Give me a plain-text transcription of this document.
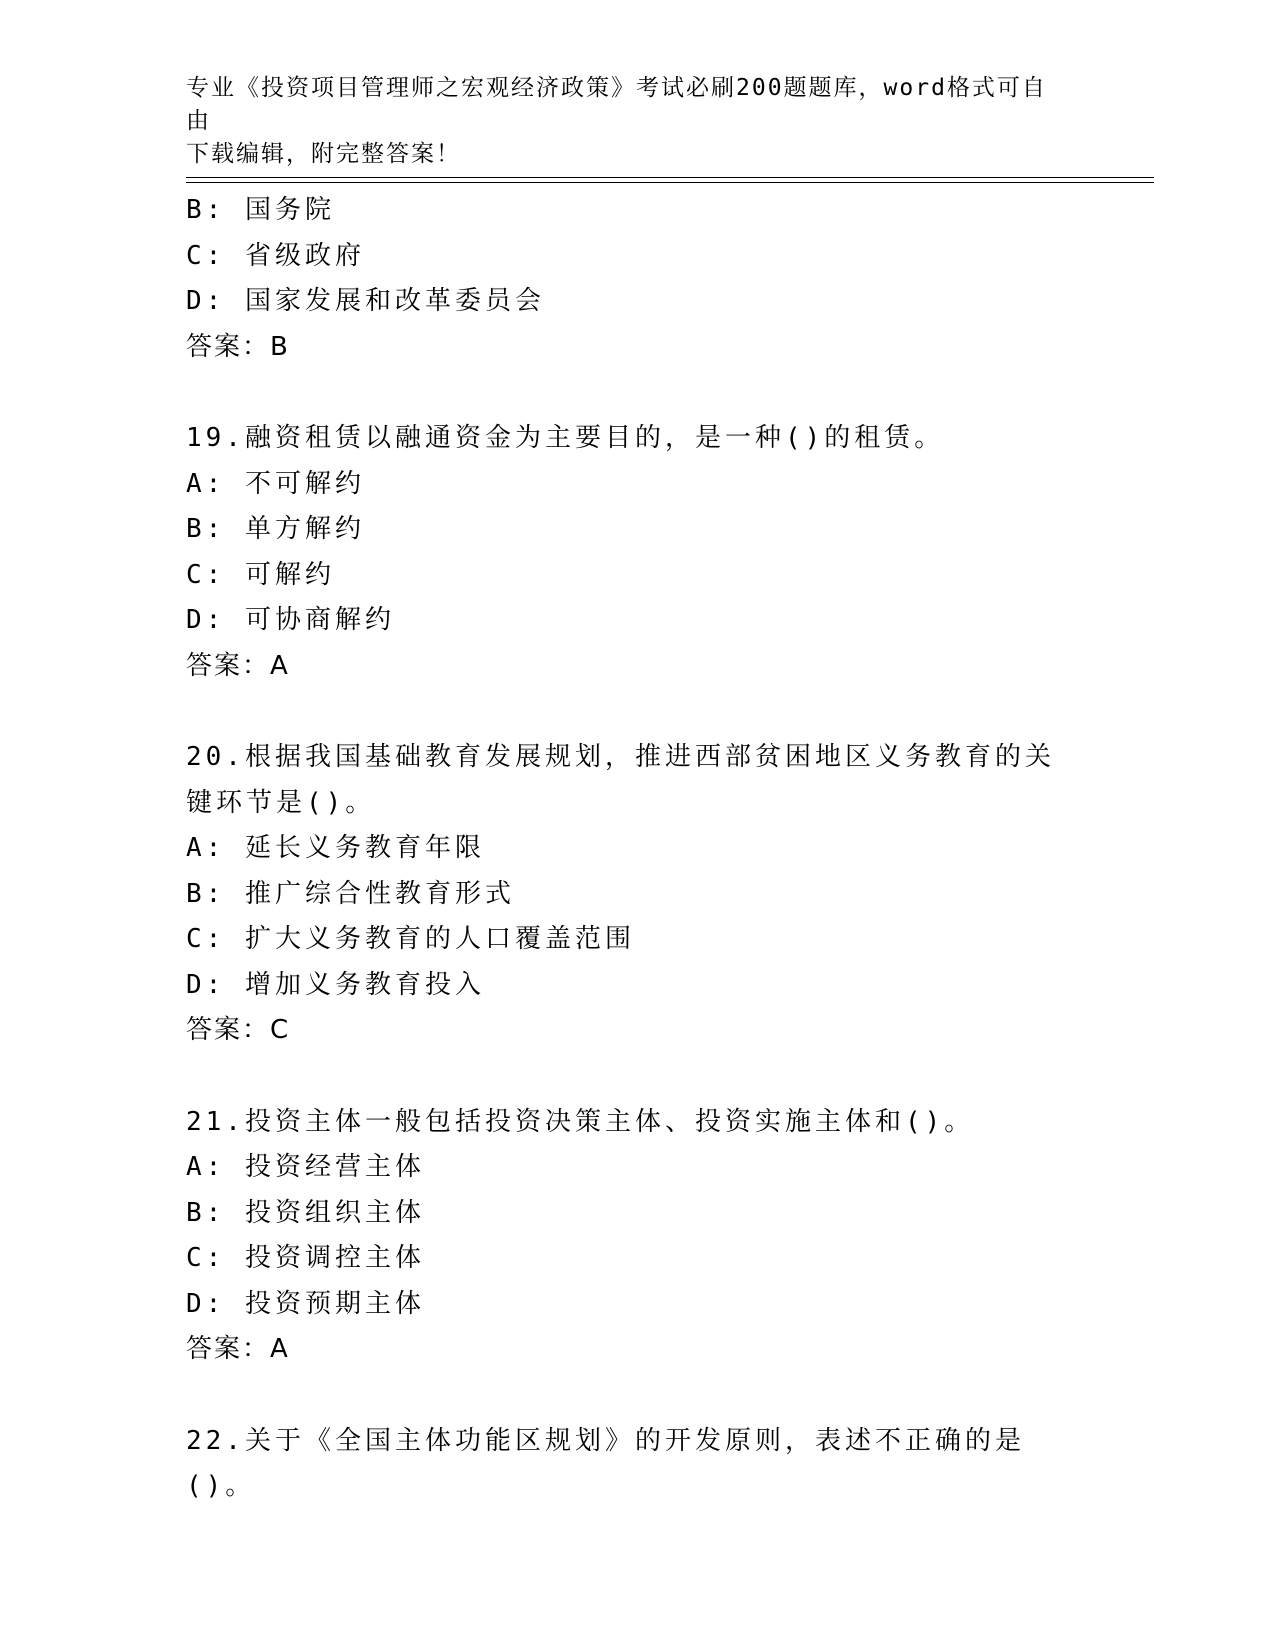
专业《投资项目管理师之宏观经济政策》考试必刷200题题库，word格式可自由
下载编辑，附完整答案！
B: 国务院
C: 省级政府
D: 国家发展和改革委员会
答案：B
19.融资租赁以融通资金为主要目的，是一种()的租赁。
A: 不可解约
B: 单方解约
C: 可解约
D: 可协商解约
答案：A
20.根据我国基础教育发展规划，推进西部贫困地区义务教育的关键环节是()。
A: 延长义务教育年限
B: 推广综合性教育形式
C: 扩大义务教育的人口覆盖范围
D: 增加义务教育投入
答案：C
21.投资主体一般包括投资决策主体、投资实施主体和()。
A: 投资经营主体
B: 投资组织主体
C: 投资调控主体
D: 投资预期主体
答案：A
22.关于《全国主体功能区规划》的开发原则，表述不正确的是()。
